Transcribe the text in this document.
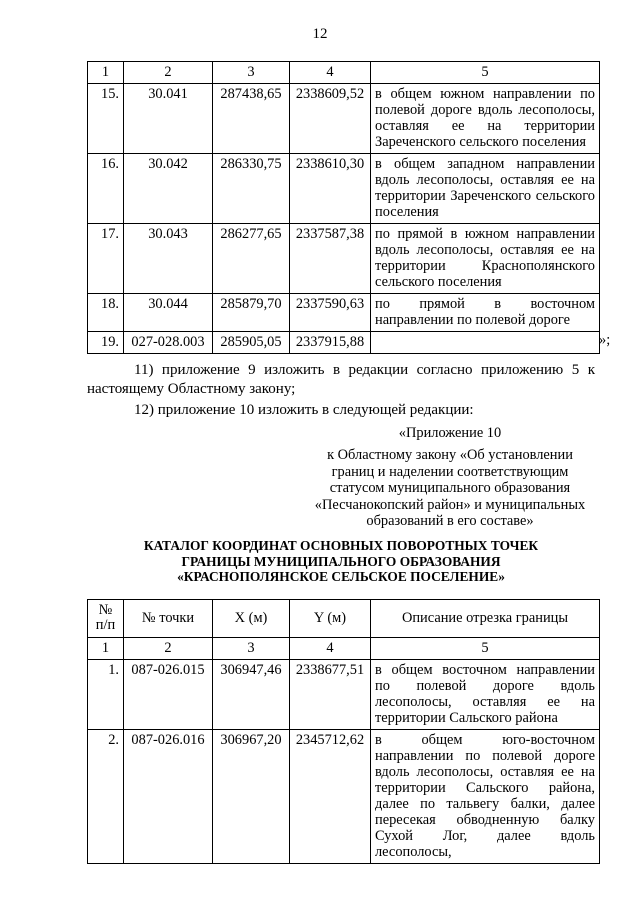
12
1	2	3	4	5
15.	30.041	287438,65	2338609,52	в общем южном направлении по полевой дороге вдоль лесополосы, оставляя ее на территории Зареченского сельского поселения
16.	30.042	286330,75	2338610,30	в общем западном направлении вдоль лесополосы, оставляя ее на территории Зареченского сельского поселения
17.	30.043	286277,65	2337587,38	по прямой в южном направлении вдоль лесополосы, оставляя ее на территории Краснополянского сельского поселения
18.	30.044	285879,70	2337590,63	по прямой в восточном направлении по полевой дороге
19.	027-028.003	285905,05	2337915,88		»;
11) приложение 9 изложить в редакции согласно приложению 5 к настоящему Областному закону;
12) приложение 10 изложить в следующей редакции:
«Приложение 10
к Областному закону «Об установлении границ и наделении соответствующим статусом муниципального образования «Песчанокопский район» и муниципальных образований в его составе»
КАТАЛОГ КООРДИНАТ ОСНОВНЫХ ПОВОРОТНЫХ ТОЧЕК
ГРАНИЦЫ МУНИЦИПАЛЬНОГО ОБРАЗОВАНИЯ
«КРАСНОПОЛЯНСКОЕ СЕЛЬСКОЕ ПОСЕЛЕНИЕ»
№ п/п	№ точки	X (м)	Y (м)	Описание отрезка границы
1	2	3	4	5
1.	087-026.015	306947,46	2338677,51	в общем восточном направлении по полевой дороге вдоль лесополосы, оставляя ее на территории Сальского района
2.	087-026.016	306967,20	2345712,62	в общем юго-восточном направлении по полевой дороге вдоль лесополосы, оставляя ее на территории Сальского района, далее по тальвегу балки, далее пересекая обводненную балку Сухой Лог, далее вдоль лесополосы,
